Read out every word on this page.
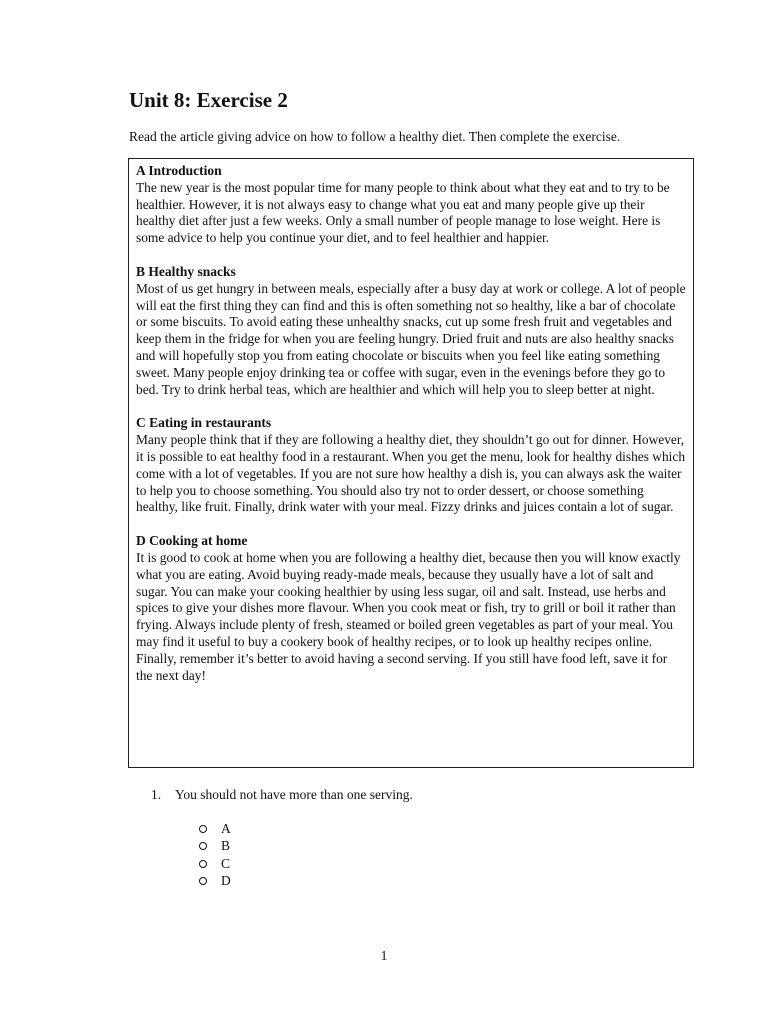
Unit 8: Exercise 2

Read the article giving advice on how to follow a healthy diet. Then complete the exercise.

A Introduction

The new year is the most popular time for many people to think about what they eat and to try to be healthier. However, it is not always easy to change what you eat and many people give up their healthy diet after just a few weeks. Only a small number of people manage to lose weight. Here is some advice to help you continue your diet, and to feel healthier and happier.

B Healthy snacks

Most of us get hungry in between meals, especially after a busy day at work or college. A lot of people will eat the first thing they can find and this is often something not so healthy, like a bar of chocolate or some biscuits. To avoid eating these unhealthy snacks, cut up some fresh fruit and vegetables and keep them in the fridge for when you are feeling hungry. Dried fruit and nuts are also healthy snacks and will hopefully stop you from eating chocolate or biscuits when you feel like eating something sweet. Many people enjoy drinking tea or coffee with sugar, even in the evenings before they go to bed. Try to drink herbal teas, which are healthier and which will help you to sleep better at night.

C Eating in restaurants

Many people think that if they are following a healthy diet, they shouldn’t go out for dinner. However, it is possible to eat healthy food in a restaurant. When you get the menu, look for healthy dishes which come with a lot of vegetables. If you are not sure how healthy a dish is, you can always ask the waiter to help you to choose something. You should also try not to order dessert, or choose something healthy, like fruit. Finally, drink water with your meal. Fizzy drinks and juices contain a lot of sugar.

D Cooking at home

It is good to cook at home when you are following a healthy diet, because then you will know exactly what you are eating. Avoid buying ready-made meals, because they usually have a lot of salt and sugar. You can make your cooking healthier by using less sugar, oil and salt. Instead, use herbs and spices to give your dishes more flavour. When you cook meat or fish, try to grill or boil it rather than frying. Always include plenty of fresh, steamed or boiled green vegetables as part of your meal. You may find it useful to buy a cookery book of healthy recipes, or to look up healthy recipes online. Finally, remember it’s better to avoid having a second serving. If you still have food left, save it for the next day!

1. You should not have more than one serving.

A
B
C
D

1
